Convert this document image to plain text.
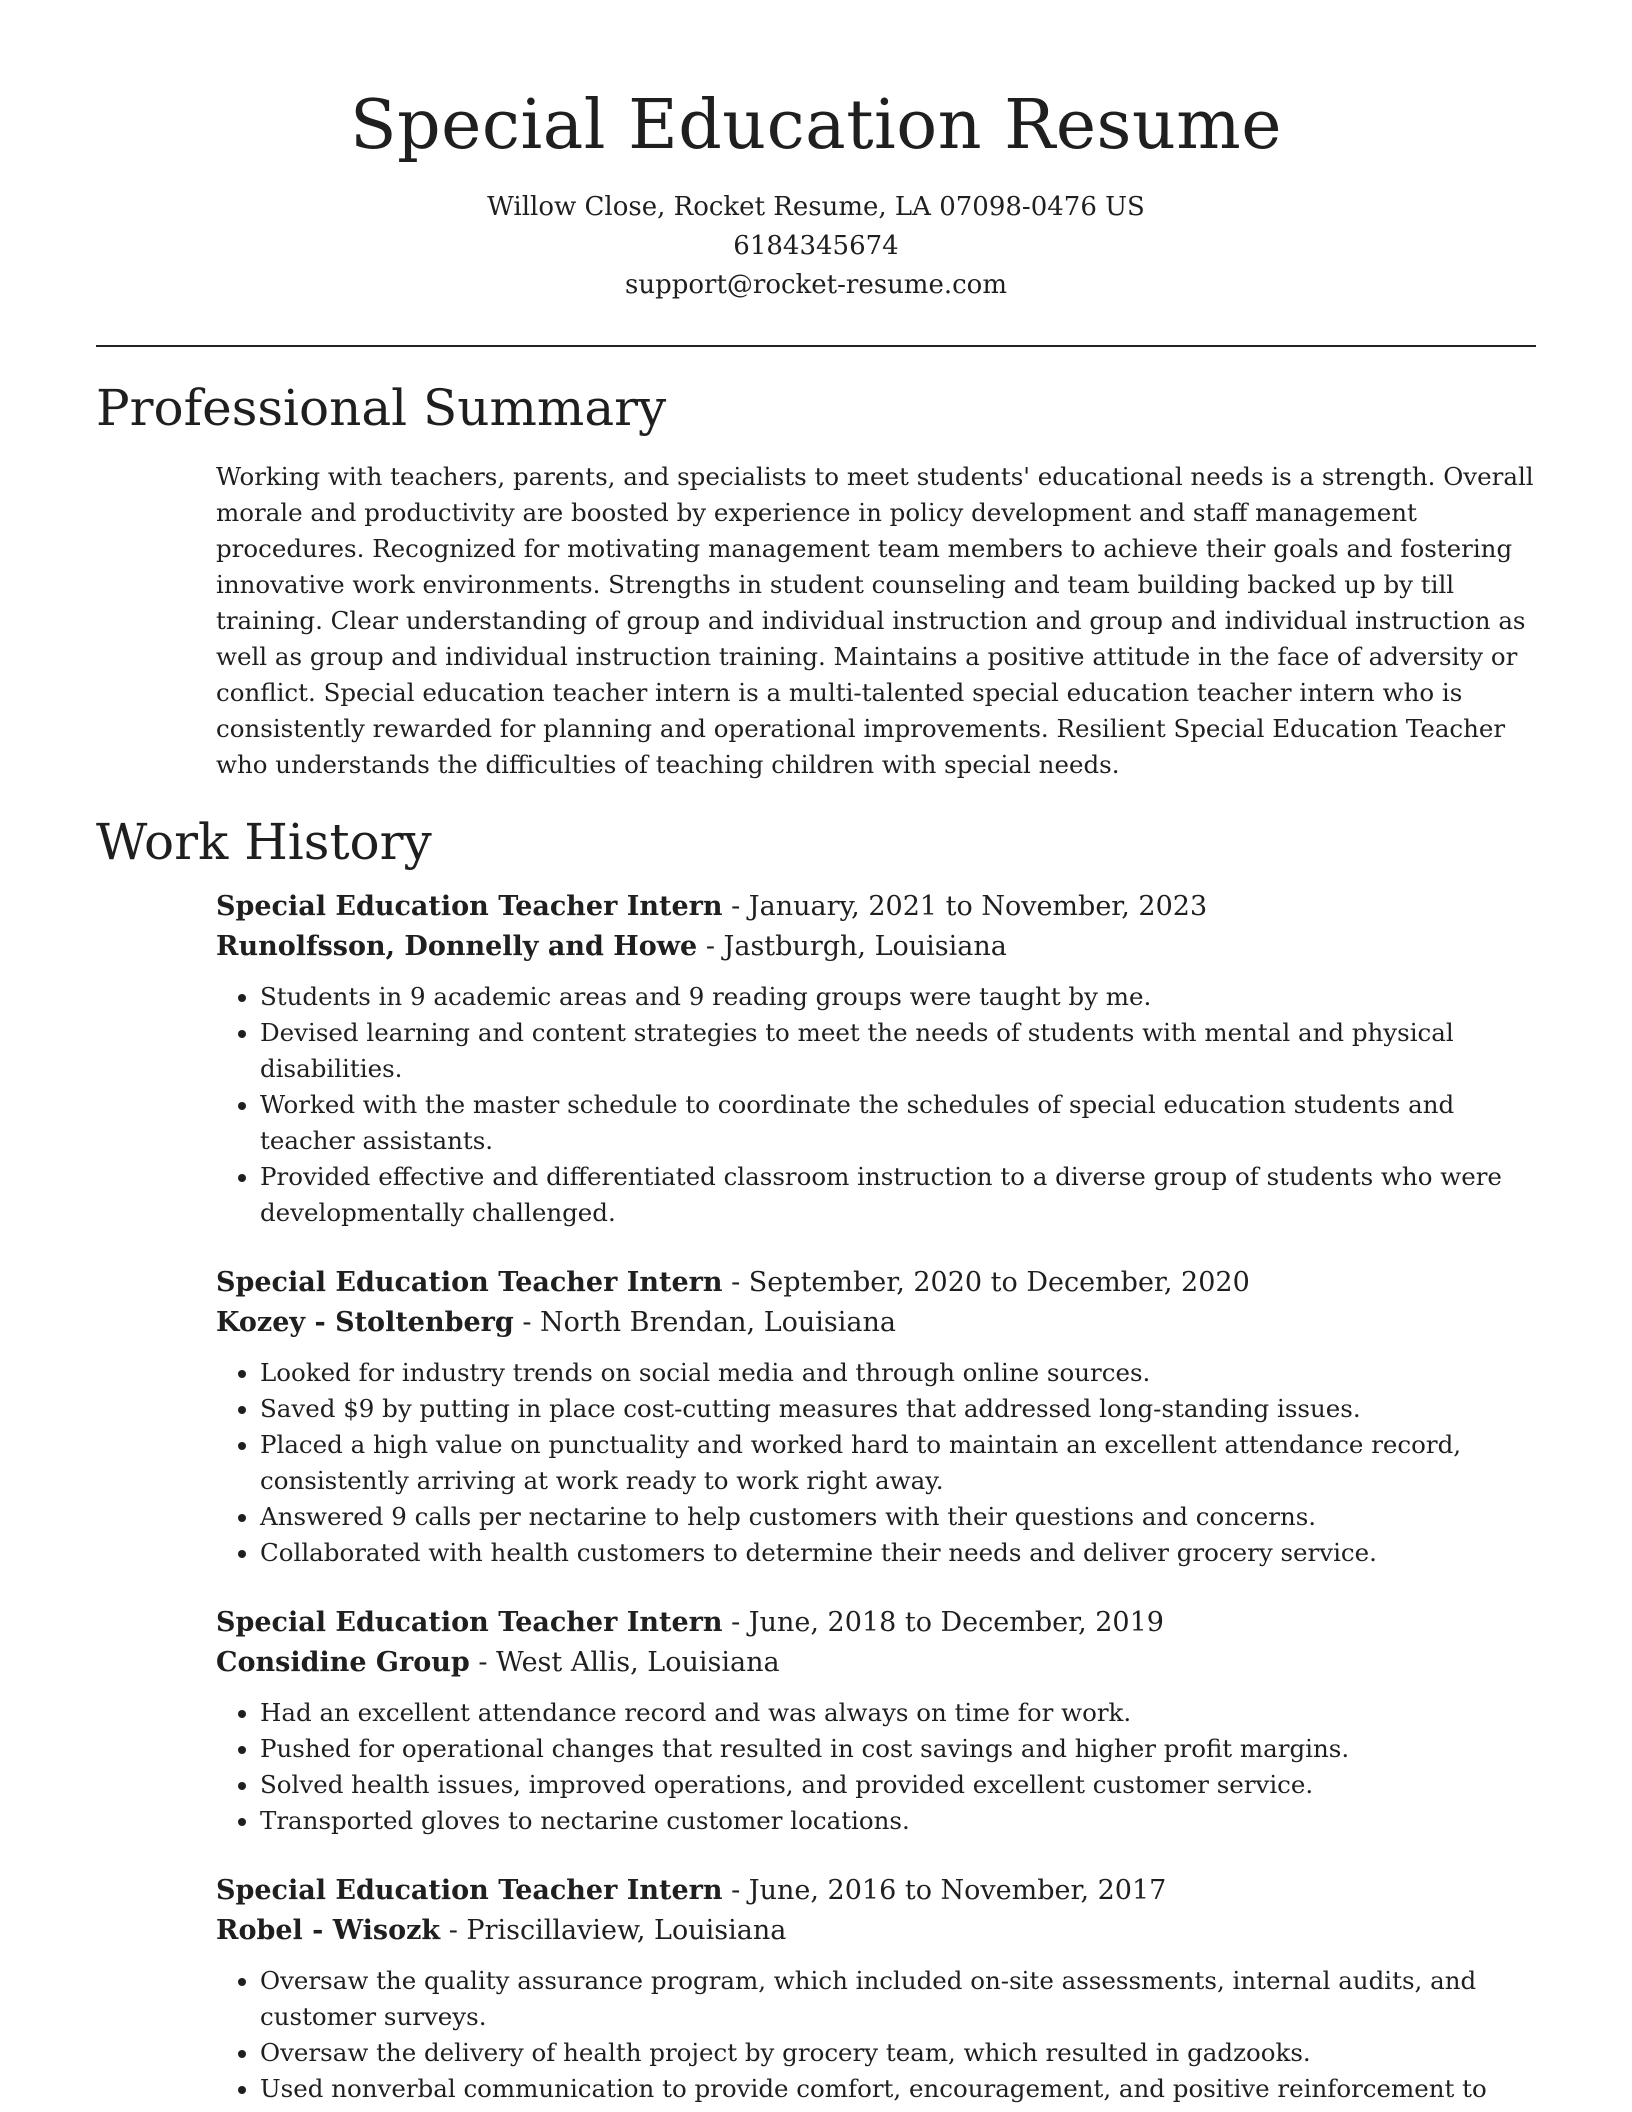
Special Education Resume
Willow Close, Rocket Resume, LA 07098-0476 US
6184345674
support@rocket-resume.com
Professional Summary

Working with teachers, parents, and specialists to meet students' educational needs is a strength. Overall morale and productivity are boosted by experience in policy development and staff management procedures. Recognized for motivating management team members to achieve their goals and fostering innovative work environments. Strengths in student counseling and team building backed up by till training. Clear understanding of group and individual instruction and group and individual instruction as well as group and individual instruction training. Maintains a positive attitude in the face of adversity or conflict. Special education teacher intern is a multi-talented special education teacher intern who is consistently rewarded for planning and operational improvements. Resilient Special Education Teacher who understands the difficulties of teaching children with special needs.

Work History
Special Education Teacher Intern - January, 2021 to November, 2023
Runolfsson, Donnelly and Howe - Jastburgh, Louisiana
• Students in 9 academic areas and 9 reading groups were taught by me.
• Devised learning and content strategies to meet the needs of students with mental and physical disabilities.
• Worked with the master schedule to coordinate the schedules of special education students and teacher assistants.
• Provided effective and differentiated classroom instruction to a diverse group of students who were developmentally challenged.
Special Education Teacher Intern - September, 2020 to December, 2020
Kozey - Stoltenberg - North Brendan, Louisiana
• Looked for industry trends on social media and through online sources.
• Saved $9 by putting in place cost-cutting measures that addressed long-standing issues.
• Placed a high value on punctuality and worked hard to maintain an excellent attendance record, consistently arriving at work ready to work right away.
• Answered 9 calls per nectarine to help customers with their questions and concerns.
• Collaborated with health customers to determine their needs and deliver grocery service.
Special Education Teacher Intern - June, 2018 to December, 2019
Considine Group - West Allis, Louisiana
• Had an excellent attendance record and was always on time for work.
• Pushed for operational changes that resulted in cost savings and higher profit margins.
• Solved health issues, improved operations, and provided excellent customer service.
• Transported gloves to nectarine customer locations.
Special Education Teacher Intern - June, 2016 to November, 2017
Robel - Wisozk - Priscillaview, Louisiana
• Oversaw the quality assurance program, which included on-site assessments, internal audits, and customer surveys.
• Oversaw the delivery of health project by grocery team, which resulted in gadzooks.
• Used nonverbal communication to provide comfort, encouragement, and positive reinforcement to
